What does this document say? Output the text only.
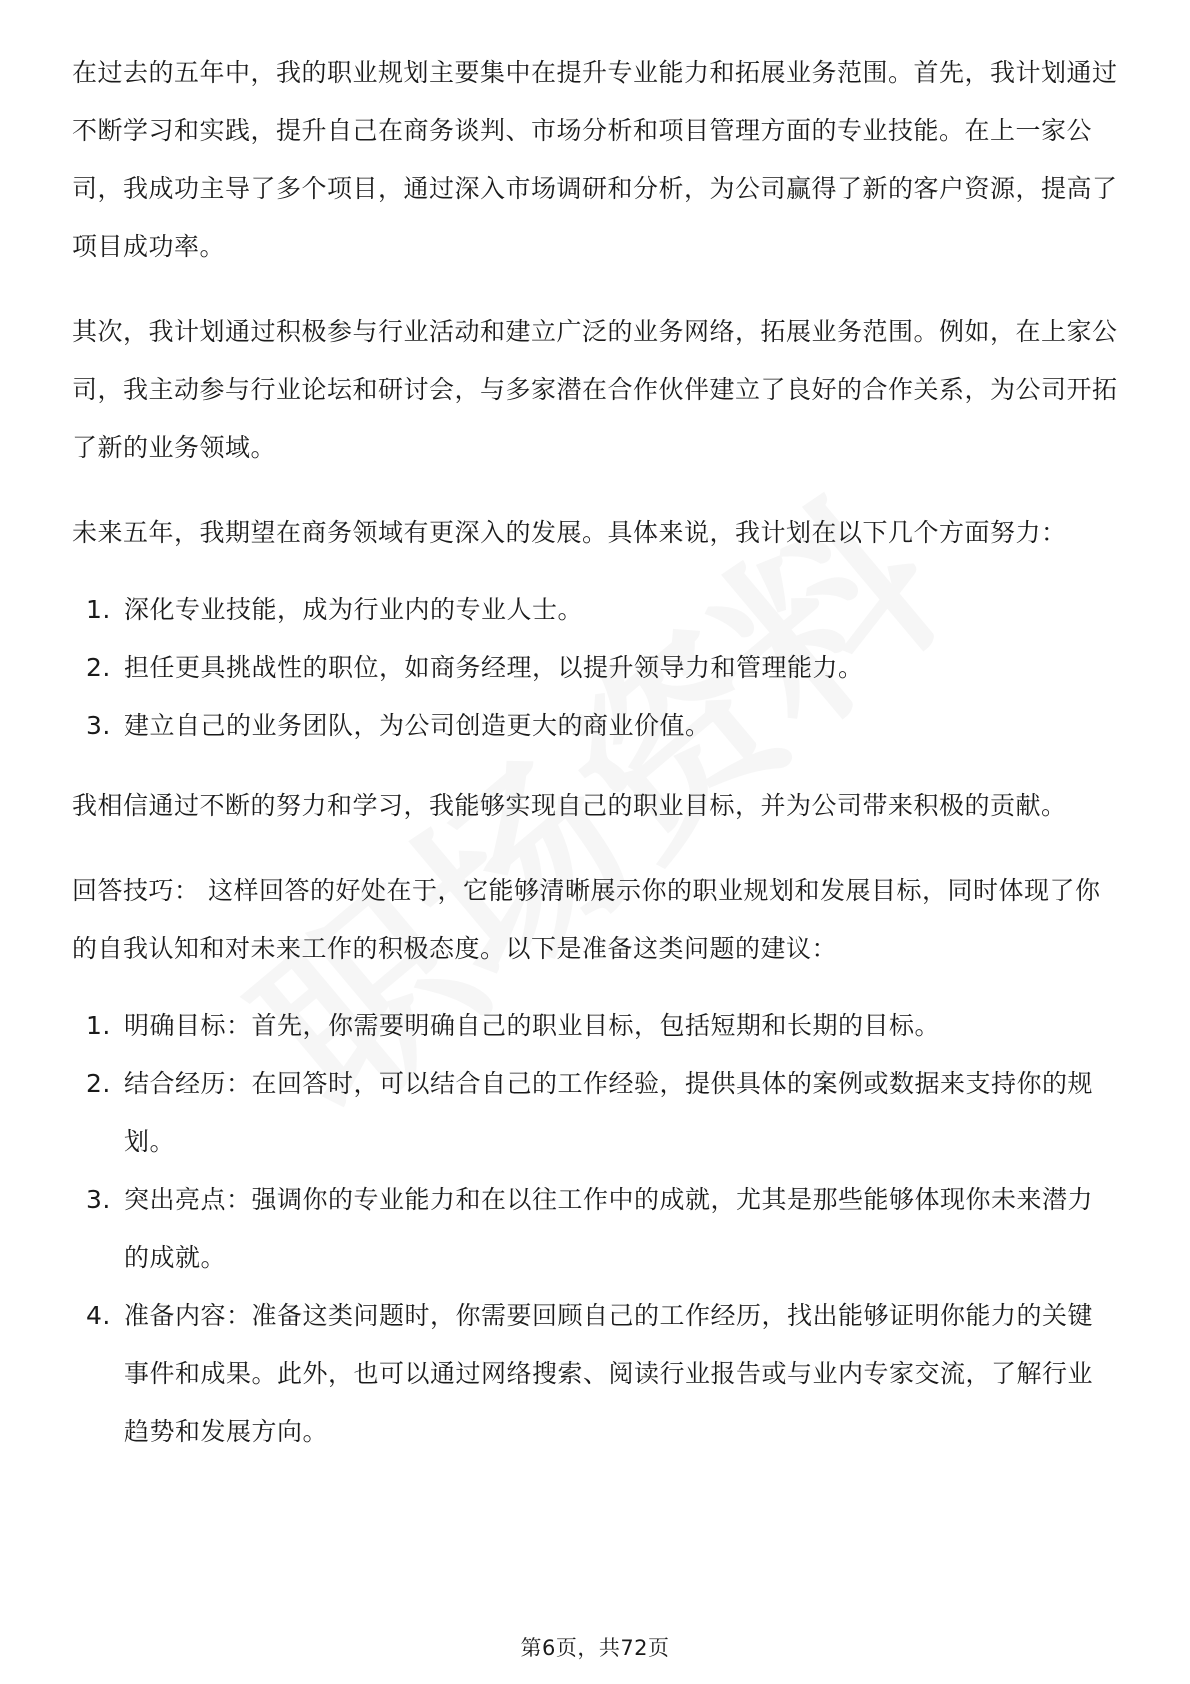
在过去的五年中，我的职业规划主要集中在提升专业能力和拓展业务范围。首先，我计划通过不断学习和实践，提升自己在商务谈判、市场分析和项目管理方面的专业技能。在上一家公司，我成功主导了多个项目，通过深入市场调研和分析，为公司赢得了新的客户资源，提高了项目成功率。

其次，我计划通过积极参与行业活动和建立广泛的业务网络，拓展业务范围。例如，在上家公司，我主动参与行业论坛和研讨会，与多家潜在合作伙伴建立了良好的合作关系，为公司开拓了新的业务领域。

未来五年，我期望在商务领域有更深入的发展。具体来说，我计划在以下几个方面努力：

1. 深化专业技能，成为行业内的专业人士。
2. 担任更具挑战性的职位，如商务经理，以提升领导力和管理能力。
3. 建立自己的业务团队，为公司创造更大的商业价值。

我相信通过不断的努力和学习，我能够实现自己的职业目标，并为公司带来积极的贡献。

回答技巧： 这样回答的好处在于，它能够清晰展示你的职业规划和发展目标，同时体现了你的自我认知和对未来工作的积极态度。以下是准备这类问题的建议：

1. 明确目标：首先，你需要明确自己的职业目标，包括短期和长期的目标。
2. 结合经历：在回答时，可以结合自己的工作经验，提供具体的案例或数据来支持你的规划。
3. 突出亮点：强调你的专业能力和在以往工作中的成就，尤其是那些能够体现你未来潜力的成就。
4. 准备内容：准备这类问题时，你需要回顾自己的工作经历，找出能够证明你能力的关键事件和成果。此外，也可以通过网络搜索、阅读行业报告或与业内专家交流，了解行业趋势和发展方向。
第6页，共72页
